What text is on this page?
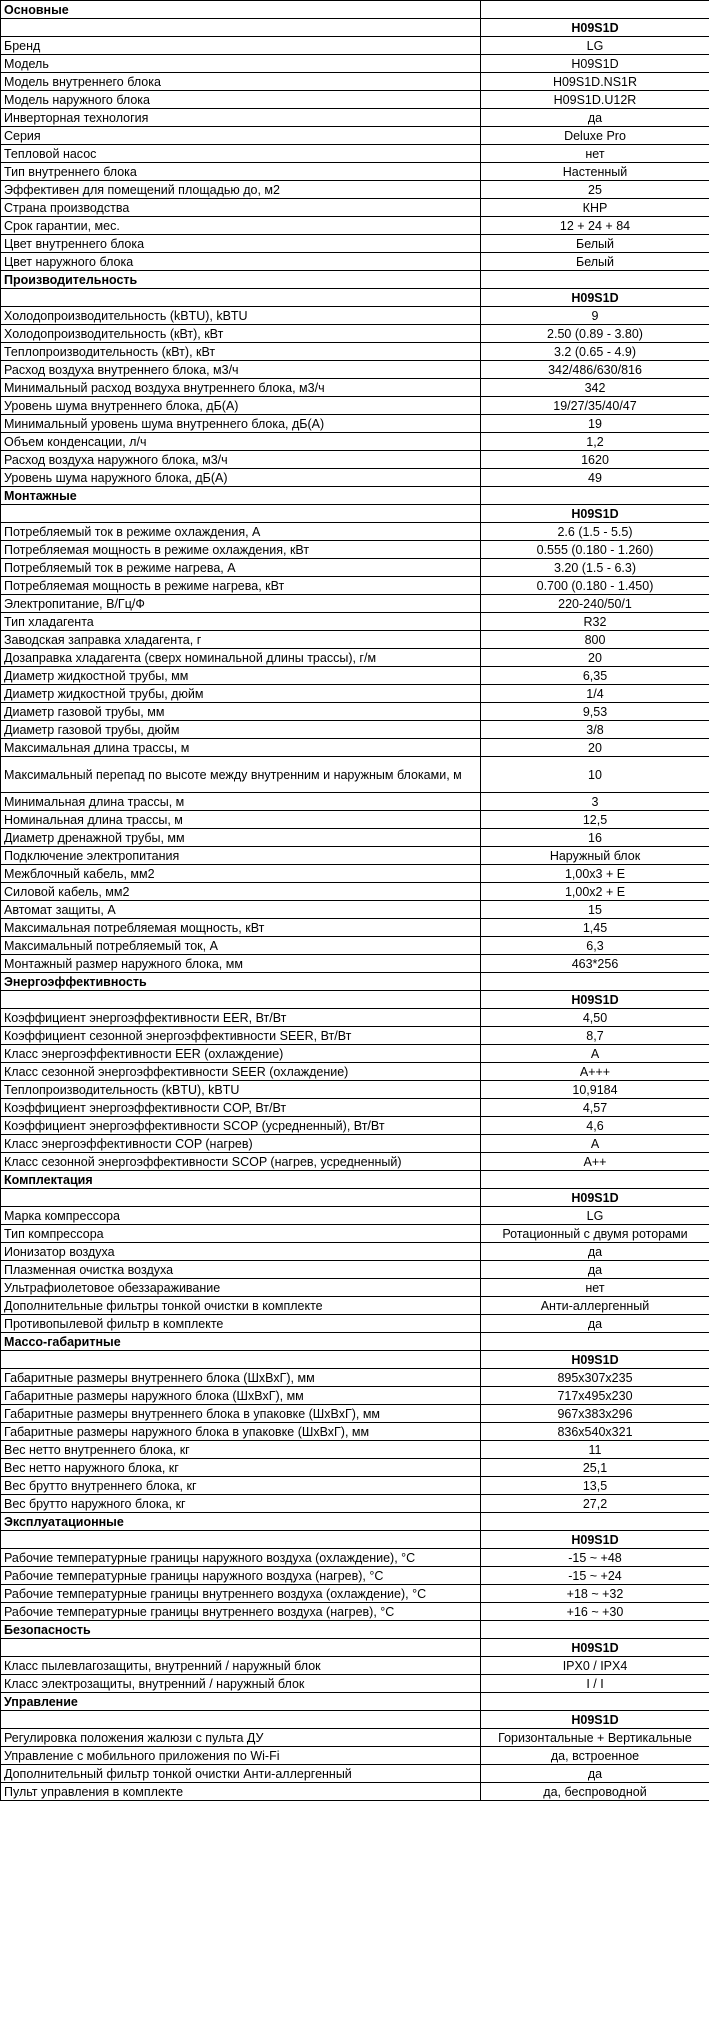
Основные	
	H09S1D
Бренд	LG
Модель	H09S1D
Модель внутреннего блока	H09S1D.NS1R
Модель наружного блока	H09S1D.U12R
Инверторная технология	да
Серия	Deluxe Pro
Тепловой насос	нет
Тип внутреннего блока	Настенный
Эффективен для помещений площадью до, м2	25
Страна производства	КНР
Срок гарантии, мес.	12 + 24 + 84
Цвет внутреннего блока	Белый
Цвет наружного блока	Белый
Производительность	
	H09S1D
Холодопроизводительность (kBTU), kBTU	9
Холодопроизводительность (кВт), кВт	2.50 (0.89 - 3.80)
Теплопроизводительность (кВт), кВт	3.2 (0.65 - 4.9)
Расход воздуха внутреннего блока, м3/ч	342/486/630/816
Минимальный расход воздуха внутреннего блока, м3/ч	342
Уровень шума внутреннего блока, дБ(А)	19/27/35/40/47
Минимальный уровень шума внутреннего блока, дБ(А)	19
Объем конденсации, л/ч	1,2
Расход воздуха наружного блока, м3/ч	1620
Уровень шума наружного блока, дБ(А)	49
Монтажные	
	H09S1D
Потребляемый ток в режиме охлаждения, А	2.6 (1.5 - 5.5)
Потребляемая мощность в режиме охлаждения, кВт	0.555 (0.180 - 1.260)
Потребляемый ток в режиме нагрева, А	3.20 (1.5 - 6.3)
Потребляемая мощность в режиме нагрева, кВт	0.700 (0.180 - 1.450)
Электропитание, В/Гц/Ф	220-240/50/1
Тип хладагента	R32
Заводская заправка хладагента, г	800
Дозаправка хладагента (сверх номинальной длины трассы), г/м	20
Диаметр жидкостной трубы, мм	6,35
Диаметр жидкостной трубы, дюйм	1/4
Диаметр газовой трубы, мм	9,53
Диаметр газовой трубы, дюйм	3/8
Максимальная длина трассы, м	20
Максимальный перепад по высоте между внутренним и наружным блоками, м	10
Минимальная длина трассы, м	3
Номинальная длина трассы, м	12,5
Диаметр дренажной трубы, мм	16
Подключение электропитания	Наружный блок
Межблочный кабель, мм2	1,00x3 + E
Силовой кабель, мм2	1,00x2 + E
Автомат защиты, А	15
Максимальная потребляемая мощность, кВт	1,45
Максимальный потребляемый ток, А	6,3
Монтажный размер наружного блока, мм	463*256
Энергоэффективность	
	H09S1D
Коэффициент энергоэффективности EER, Вт/Вт	4,50
Коэффициент сезонной энергоэффективности SEER, Вт/Вт	8,7
Класс энергоэффективности EER (охлаждение)	A
Класс сезонной энергоэффективности SEER (охлаждение)	A+++
Теплопроизводительность (kBTU), kBTU	10,9184
Коэффициент энергоэффективности COP, Вт/Вт	4,57
Коэффициент энергоэффективности SCOP (усредненный), Вт/Вт	4,6
Класс энергоэффективности COP (нагрев)	A
Класс сезонной энергоэффективности SCOP (нагрев, усредненный)	A++
Комплектация	
	H09S1D
Марка компрессора	LG
Тип компрессора	Ротационный с двумя роторами
Ионизатор воздуха	да
Плазменная очистка воздуха	да
Ультрафиолетовое обеззараживание	нет
Дополнительные фильтры тонкой очистки в комплекте	Анти-аллергенный
Противопылевой фильтр в комплекте	да
Массо-габаритные	
	H09S1D
Габаритные размеры внутреннего блока (ШхВхГ), мм	895x307x235
Габаритные размеры наружного блока (ШхВхГ), мм	717x495x230
Габаритные размеры внутреннего блока в упаковке (ШхВхГ), мм	967x383x296
Габаритные размеры наружного блока в упаковке (ШхВхГ), мм	836x540x321
Вес нетто внутреннего блока, кг	11
Вес нетто наружного блока, кг	25,1
Вес брутто внутреннего блока, кг	13,5
Вес брутто наружного блока, кг	27,2
Эксплуатационные	
	H09S1D
Рабочие температурные границы наружного воздуха (охлаждение), °C	-15 ~ +48
Рабочие температурные границы наружного воздуха (нагрев), °C	-15 ~ +24
Рабочие температурные границы внутреннего воздуха (охлаждение), °C	+18 ~ +32
Рабочие температурные границы внутреннего воздуха (нагрев), °C	+16 ~ +30
Безопасность	
	H09S1D
Класс пылевлагозащиты, внутренний / наружный блок	IPX0 / IPX4
Класс электрозащиты, внутренний / наружный блок	I / I
Управление	
	H09S1D
Регулировка положения жалюзи с пульта ДУ	Горизонтальные + Вертикальные
Управление с мобильного приложения по Wi-Fi	да, встроенное
Дополнительный фильтр тонкой очистки Анти-аллергенный	да
Пульт управления в комплекте	да, беспроводной
